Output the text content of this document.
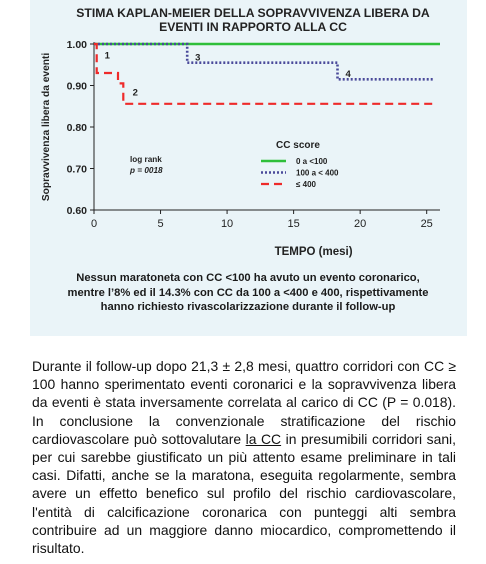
STIMA KAPLAN-MEIER DELLA SOPRAVVIVENZA LIBERA DA
EVENTI IN RAPPORTO ALLA CC
Sopravvivenza libera da eventi
0.60
0.70
0.80
0.90
1.00
0	5	10	15	20	25
TEMPO (mesi)
1
2
3
4
log rank
p = 0018
CC score
0 a <100
100 a < 400
≤ 400
Nessun maratoneta con CC <100 ha avuto un evento coronarico,
mentre l’8% ed il 14.3% con CC da 100 a <400 e 400, rispettivamente
hanno richiesto rivascolarizzazione durante il follow-up
Durante il follow-up dopo 21,3 ± 2,8 mesi, quattro corridori con CC ≥ 100 hanno sperimentato eventi coronarici e la sopravvivenza libera da eventi è stata inversamente correlata al carico di CC (P = 0.018). In conclusione la convenzionale stratificazione del rischio cardiovascolare può sottovalutare la CC in presumibili corridori sani, per cui sarebbe giustificato un più attento esame preliminare in tali casi. Difatti, anche se la maratona, eseguita regolarmente, sembra avere un effetto benefico sul profilo del rischio cardiovascolare, l'entità di calcificazione coronarica con punteggi alti sembra contribuire ad un maggiore danno miocardico, compromettendo il risultato.
